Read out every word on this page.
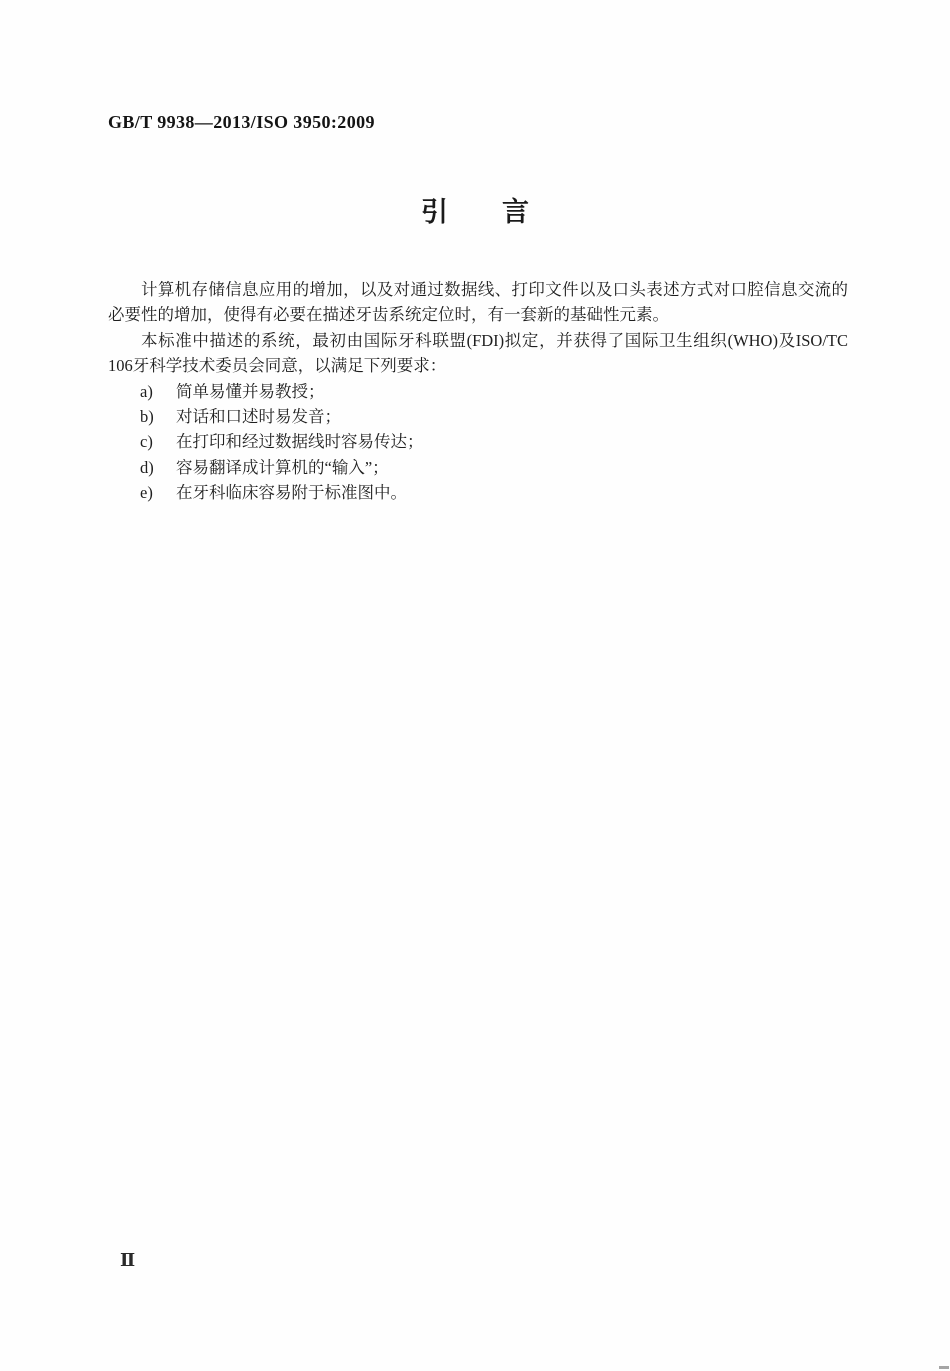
GB/T 9938—2013/ISO 3950:2009
引　　言

计算机存储信息应用的增加，以及对通过数据线、打印文件以及口头表述方式对口腔信息交流的必要性的增加，使得有必要在描述牙齿系统定位时，有一套新的基础性元素。

本标准中描述的系统，最初由国际牙科联盟(FDI)拟定，并获得了国际卫生组织(WHO)及ISO/TC 106牙科学技术委员会同意，以满足下列要求：

a)	简单易懂并易教授；
b)	对话和口述时易发音；
c)	在打印和经过数据线时容易传达；
d)	容易翻译成计算机的“输入”；
e)	在牙科临床容易附于标准图中。
Ⅱ
